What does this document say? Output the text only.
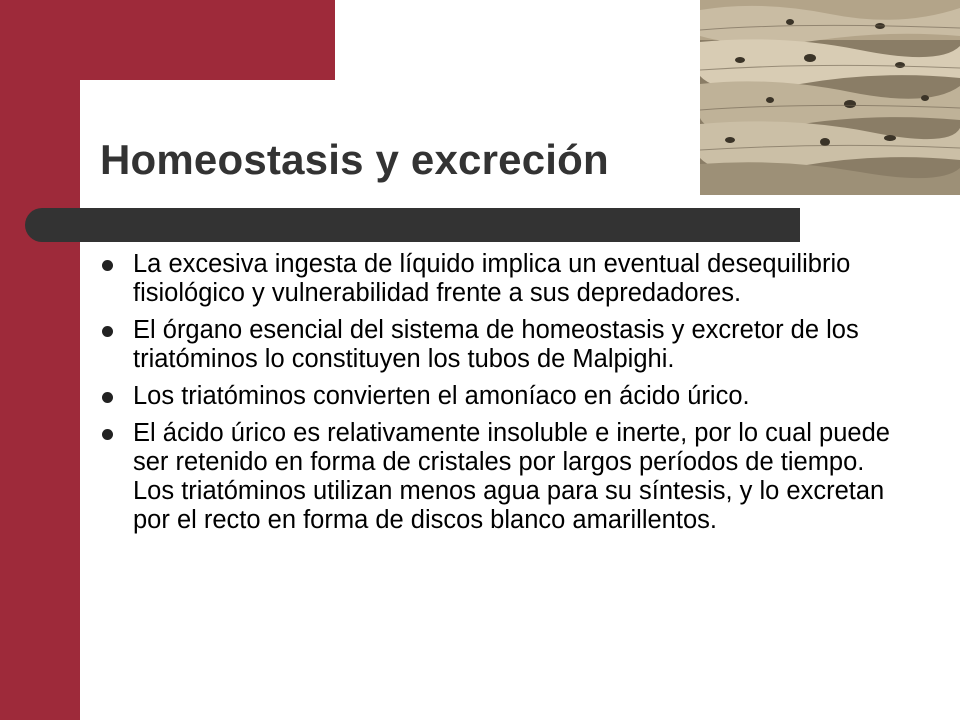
Homeostasis y excreción
La excesiva ingesta de líquido implica un eventual desequilibrio fisiológico y vulnerabilidad frente a sus depredadores.
El órgano esencial del sistema de homeostasis y excretor de los triatóminos lo constituyen los tubos de Malpighi.
Los triatóminos convierten el amoníaco en ácido úrico.
El ácido úrico es relativamente insoluble e inerte, por lo cual puede ser retenido en forma de cristales por largos períodos de tiempo. Los triatóminos utilizan menos agua para su síntesis, y lo excretan por el recto en forma de discos blanco amarillentos.
